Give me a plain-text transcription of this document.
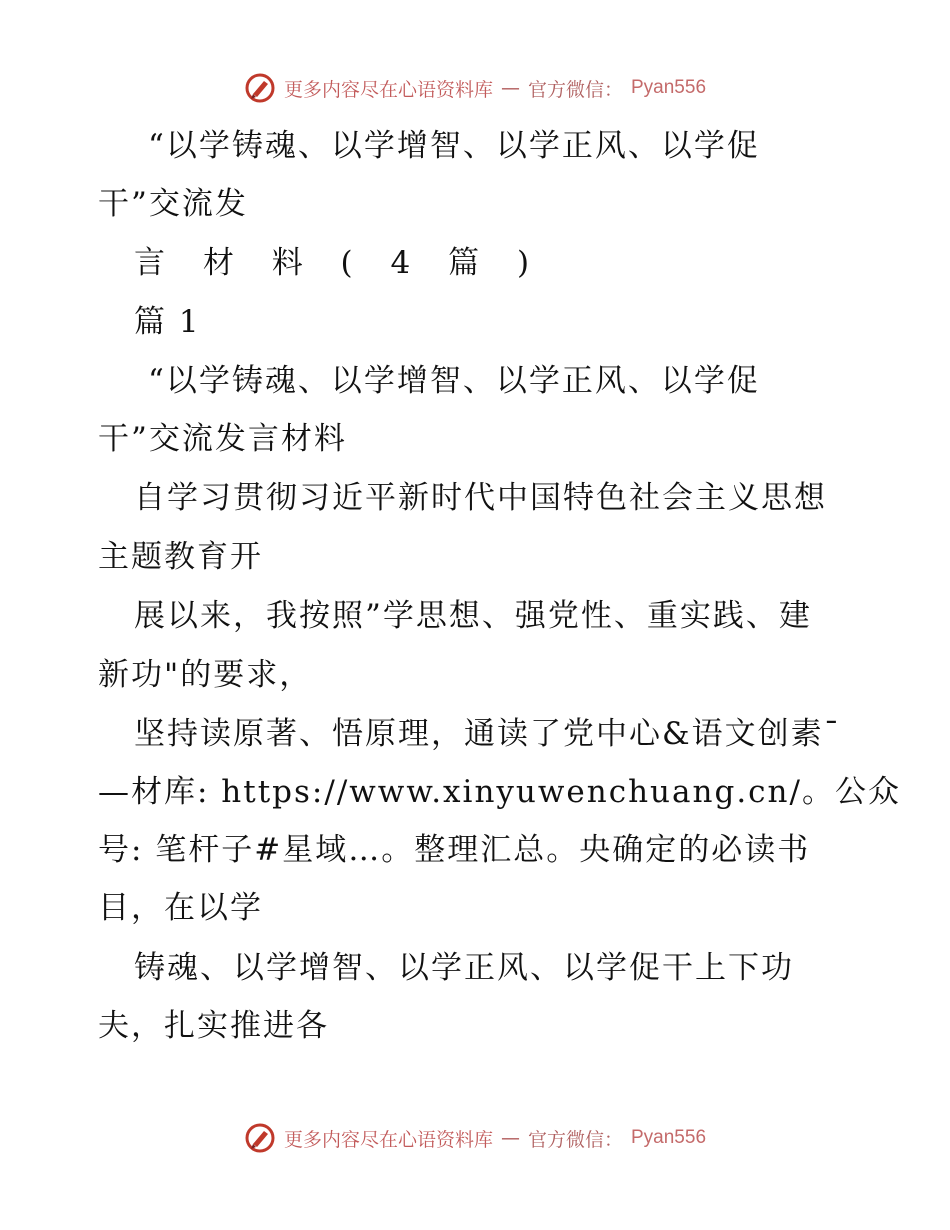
更多内容尽在心语资料库 — 官方微信： Pyan556
“以学铸魂、以学增智、以学正风、以学促
干”交流发
言 材 料 ( 4 篇 )
篇 1
“以学铸魂、以学增智、以学正风、以学促
干”交流发言材料
自学习贯彻习近平新时代中国特色社会主义思想
主题教育开
展以来，我按照”学思想、强党性、重实践、建
新功"的要求，
坚持读原著、悟原理，通读了党中心&语文创素¯
—材库: https://www.xinyuwenchuang.cn/。公众
号: 笔杆子#星域…。整理汇总。央确定的必读书
目，在以学
铸魂、以学增智、以学正风、以学促干上下功
夫，扎实推进各
更多内容尽在心语资料库 — 官方微信： Pyan556
